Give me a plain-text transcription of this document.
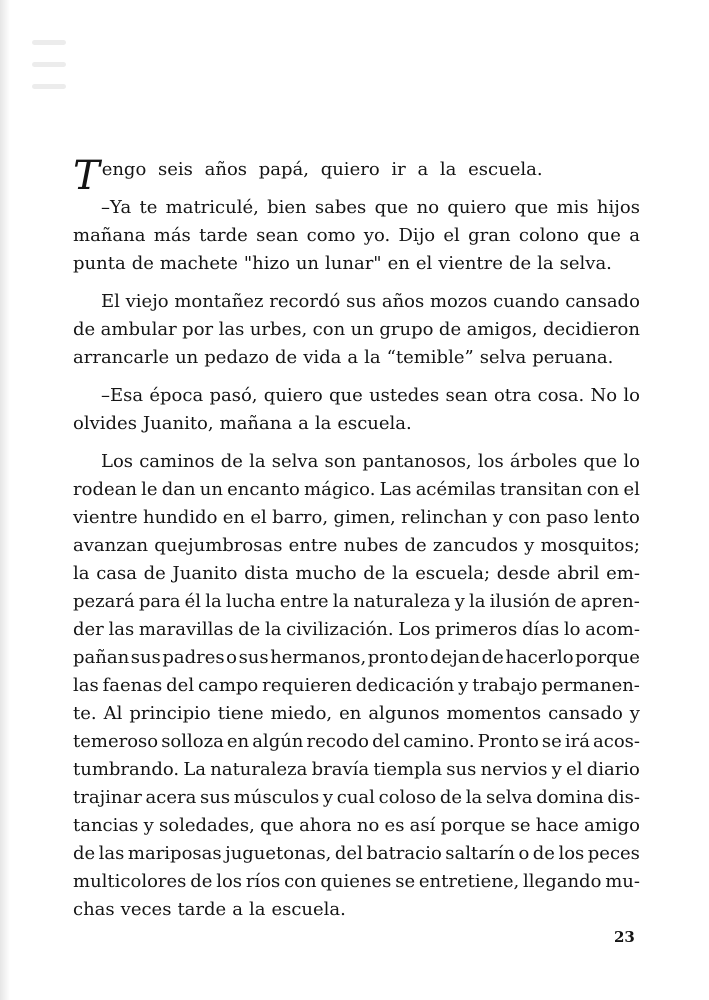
T engo seis años papá, quiero ir a la escuela.
–Ya te matriculé, bien sabes que no quiero que mis hijos
mañana más tarde sean como yo. Dijo el gran colono que a
punta de machete "hizo un lunar" en el vientre de la selva.
El viejo montañez recordó sus años mozos cuando cansado
de ambular por las urbes, con un grupo de amigos, decidieron
arrancarle un pedazo de vida a la “temible” selva peruana.
–Esa época pasó, quiero que ustedes sean otra cosa. No lo
olvides Juanito, mañana a la escuela.
Los caminos de la selva son pantanosos, los árboles que lo
rodean le dan un encanto mágico. Las acémilas transitan con el
vientre hundido en el barro, gimen, relinchan y con paso lento
avanzan quejumbrosas entre nubes de zancudos y mosquitos;
la casa de Juanito dista mucho de la escuela; desde abril em-
pezará para él la lucha entre la naturaleza y la ilusión de apren-
der las maravillas de la civilización. Los primeros días lo acom-
pañan sus padres o sus hermanos, pronto dejan de hacerlo porque
las faenas del campo requieren dedicación y trabajo permanen-
te. Al principio tiene miedo, en algunos momentos cansado y
temeroso solloza en algún recodo del camino. Pronto se irá acos-
tumbrando. La naturaleza bravía tiempla sus nervios y el diario
trajinar acera sus músculos y cual coloso de la selva domina dis-
tancias y soledades, que ahora no es así porque se hace amigo
de las mariposas juguetonas, del batracio saltarín o de los peces
multicolores de los ríos con quienes se entretiene, llegando mu-
chas veces tarde a la escuela.
23
